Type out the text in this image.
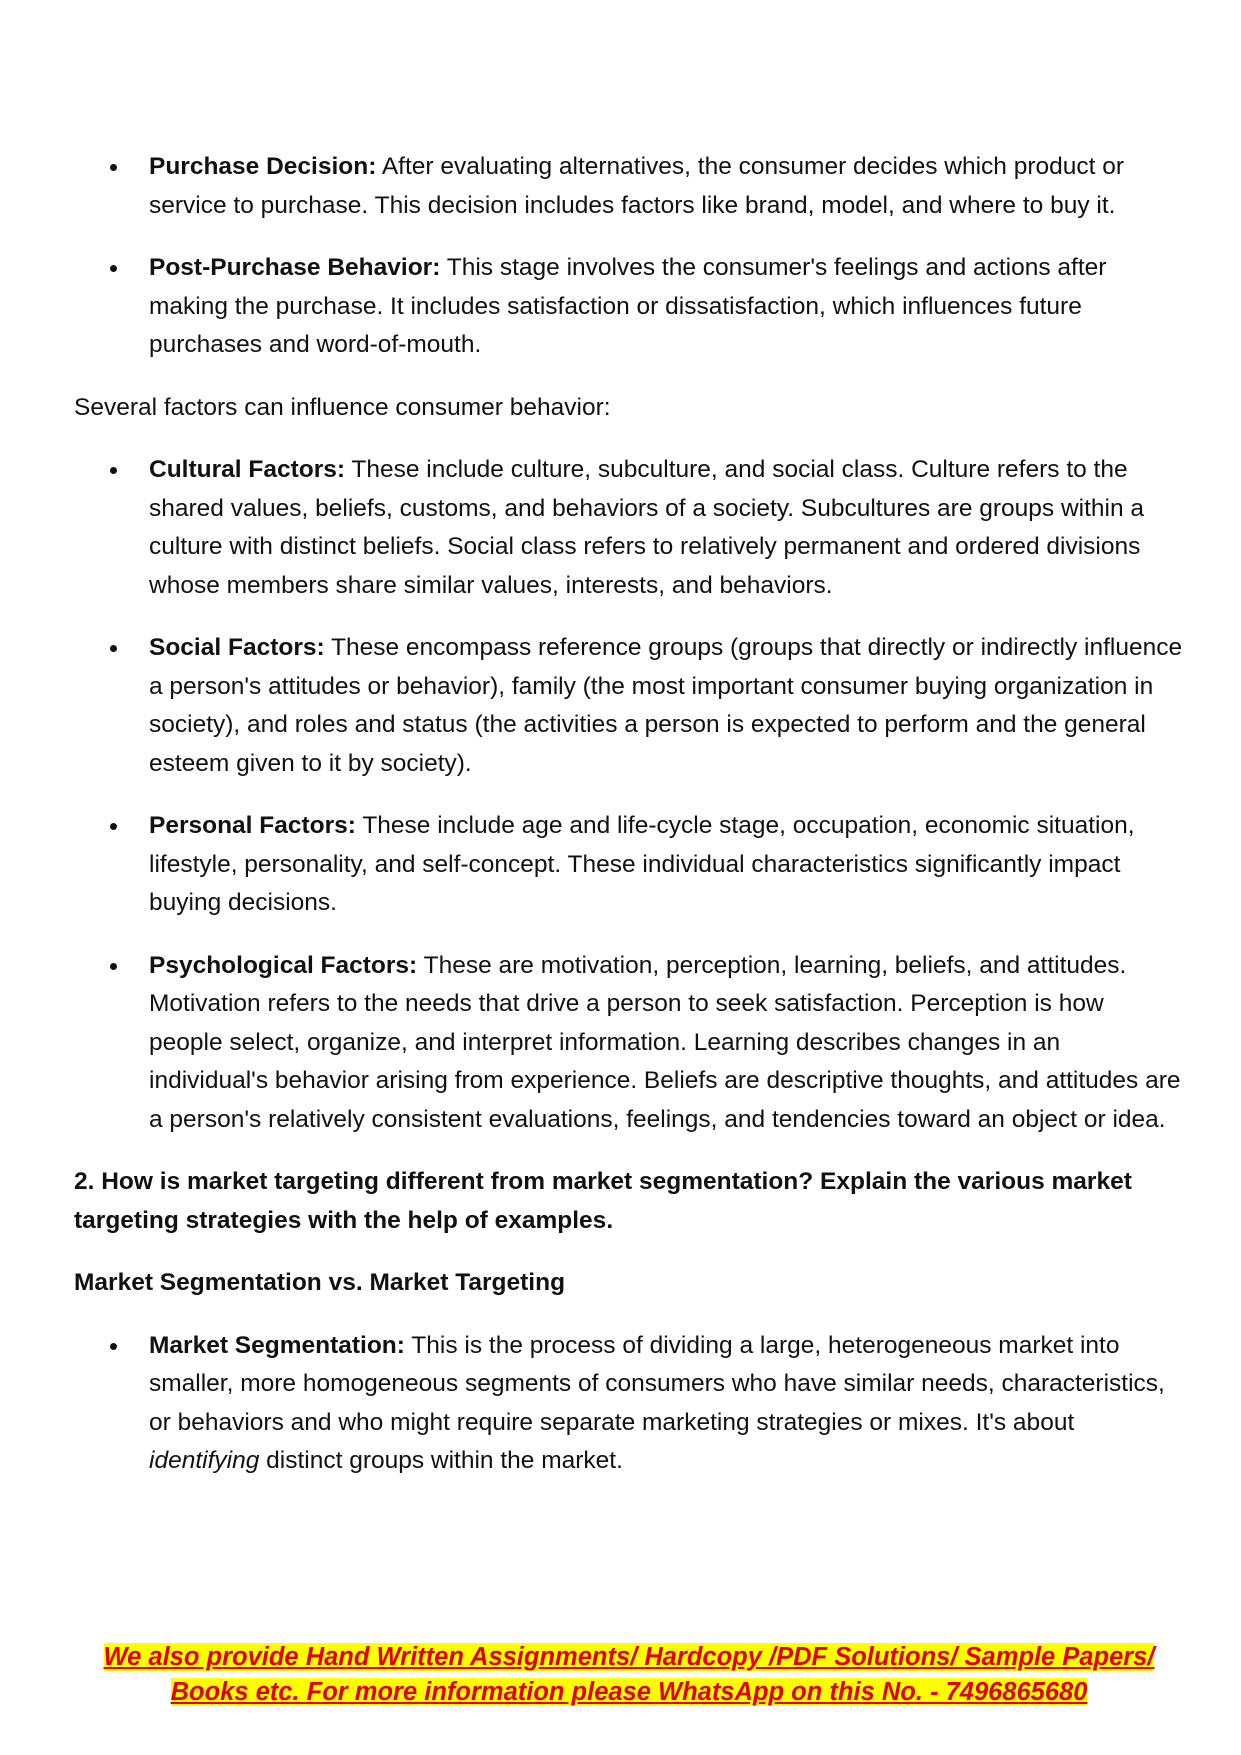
Purchase Decision: After evaluating alternatives, the consumer decides which product or service to purchase. This decision includes factors like brand, model, and where to buy it.
Post-Purchase Behavior: This stage involves the consumer's feelings and actions after making the purchase. It includes satisfaction or dissatisfaction, which influences future purchases and word-of-mouth.

Several factors can influence consumer behavior:

Cultural Factors: These include culture, subculture, and social class. Culture refers to the shared values, beliefs, customs, and behaviors of a society. Subcultures are groups within a culture with distinct beliefs. Social class refers to relatively permanent and ordered divisions whose members share similar values, interests, and behaviors.
Social Factors: These encompass reference groups (groups that directly or indirectly influence a person's attitudes or behavior), family (the most important consumer buying organization in society), and roles and status (the activities a person is expected to perform and the general esteem given to it by society).
Personal Factors: These include age and life-cycle stage, occupation, economic situation, lifestyle, personality, and self-concept. These individual characteristics significantly impact buying decisions.
Psychological Factors: These are motivation, perception, learning, beliefs, and attitudes. Motivation refers to the needs that drive a person to seek satisfaction. Perception is how people select, organize, and interpret information. Learning describes changes in an individual's behavior arising from experience. Beliefs are descriptive thoughts, and attitudes are a person's relatively consistent evaluations, feelings, and tendencies toward an object or idea.

2. How is market targeting different from market segmentation? Explain the various market targeting strategies with the help of examples.

Market Segmentation vs. Market Targeting

Market Segmentation: This is the process of dividing a large, heterogeneous market into smaller, more homogeneous segments of consumers who have similar needs, characteristics, or behaviors and who might require separate marketing strategies or mixes. It's about identifying distinct groups within the market.
We also provide Hand Written Assignments/ Hardcopy /PDF Solutions/ Sample Papers/
Books etc. For more information please WhatsApp on this No. - 7496865680
